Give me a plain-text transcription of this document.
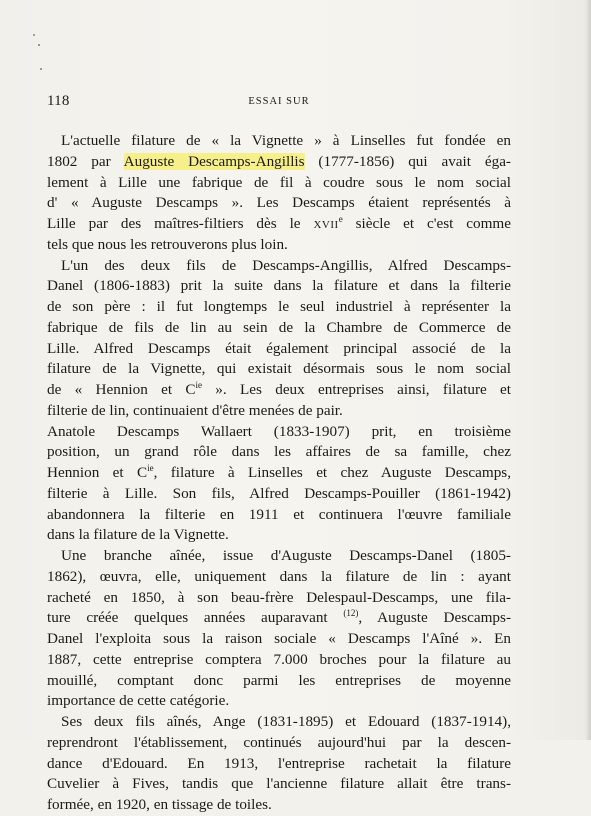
118	ESSAI SUR
L'actuelle filature de « la Vignette » à Linselles fut fondée en
1802 par Auguste Descamps-Angillis (1777-1856) qui avait éga-
lement à Lille une fabrique de fil à coudre sous le nom social
d' « Auguste Descamps ». Les Descamps étaient représentés à
Lille par des maîtres-filtiers dès le XVIIe siècle et c'est comme
tels que nous les retrouverons plus loin.
L'un des deux fils de Descamps-Angillis, Alfred Descamps-
Danel (1806-1883) prit la suite dans la filature et dans la filterie
de son père : il fut longtemps le seul industriel à représenter la
fabrique de fils de lin au sein de la Chambre de Commerce de
Lille. Alfred Descamps était également principal associé de la
filature de la Vignette, qui existait désormais sous le nom social
de « Hennion et $C^{ie}$ ». Les deux entreprises ainsi, filature et
filterie de lin, continuaient d'être menées de pair.
Anatole Descamps Wallaert (1833-1907) prit, en troisième
position, un grand rôle dans les affaires de sa famille, chez
Hennion et $C^{ie}$, filature à Linselles et chez Auguste Descamps,
filterie à Lille. Son fils, Alfred Descamps-Pouiller (1861-1942)
abandonnera la filterie en 1911 et continuera l'œuvre familiale
dans la filature de la Vignette.
Une branche aînée, issue d'Auguste Descamps-Danel (1805-
1862), œuvra, elle, uniquement dans la filature de lin : ayant
racheté en 1850, à son beau-frère Delespaul-Descamps, une fila-
ture créée quelques années auparavant $^{(12)}$, Auguste Descamps-
Danel l'exploita sous la raison sociale « Descamps l'Aîné ». En
1887, cette entreprise comptera 7.000 broches pour la filature au
mouillé, comptant donc parmi les entreprises de moyenne
importance de cette catégorie.
Ses deux fils aînés, Ange (1831-1895) et Edouard (1837-1914),
reprendront l'établissement, continués aujourd'hui par la descen-
dance d'Edouard. En 1913, l'entreprise rachetait la filature
Cuvelier à Fives, tandis que l'ancienne filature allait être trans-
formée, en 1920, en tissage de toiles.
